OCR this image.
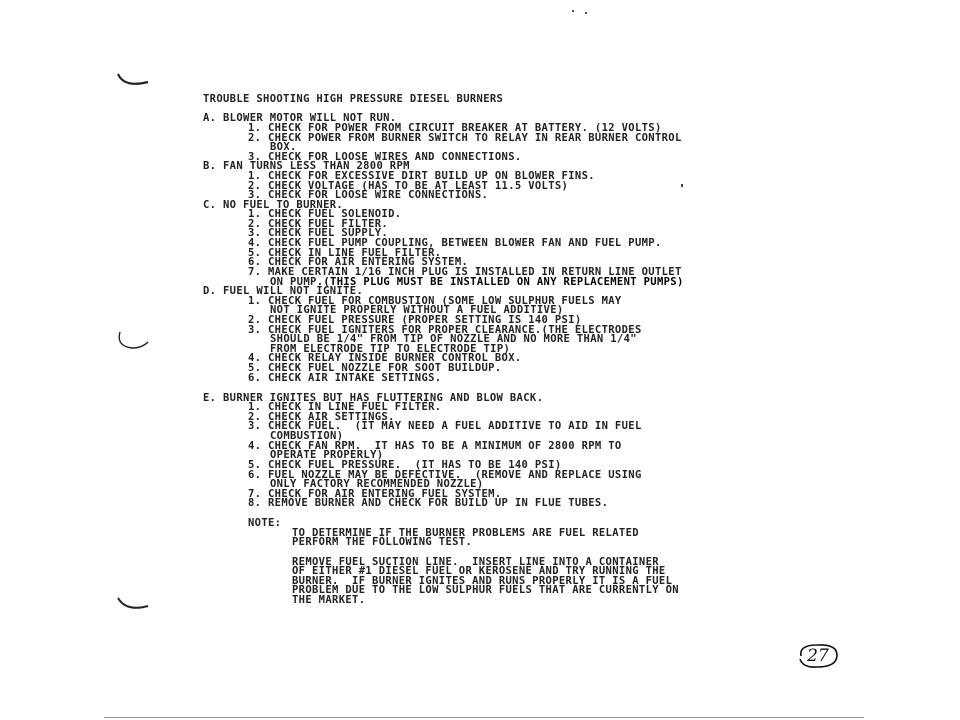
TROUBLE SHOOTING HIGH PRESSURE DIESEL BURNERS
A. BLOWER MOTOR WILL NOT RUN.
1. CHECK FOR POWER FROM CIRCUIT BREAKER AT BATTERY. (12 VOLTS)
2. CHECK POWER FROM BURNER SWITCH TO RELAY IN REAR BURNER CONTROL
BOX.
3. CHECK FOR LOOSE WIRES AND CONNECTIONS.
B. FAN TURNS LESS THAN 2800 RPM
1. CHECK FOR EXCESSIVE DIRT BUILD UP ON BLOWER FINS.
2. CHECK VOLTAGE (HAS TO BE AT LEAST 11.5 VOLTS)
3. CHECK FOR LOOSE WIRE CONNECTIONS.
C. NO FUEL TO BURNER.
1. CHECK FUEL SOLENOID.
2. CHECK FUEL FILTER.
3. CHECK FUEL SUPPLY.
4. CHECK FUEL PUMP COUPLING, BETWEEN BLOWER FAN AND FUEL PUMP.
5. CHECK IN LINE FUEL FILTER.
6. CHECK FOR AIR ENTERING SYSTEM.
7. MAKE CERTAIN 1/16 INCH PLUG IS INSTALLED IN RETURN LINE OUTLET
ON PUMP.(THIS PLUG MUST BE INSTALLED ON ANY REPLACEMENT PUMPS)
D. FUEL WILL NOT IGNITE.
1. CHECK FUEL FOR COMBUSTION (SOME LOW SULPHUR FUELS MAY
NOT IGNITE PROPERLY WITHOUT A FUEL ADDITIVE)
2. CHECK FUEL PRESSURE (PROPER SETTING IS 140 PSI)
3. CHECK FUEL IGNITERS FOR PROPER CLEARANCE.(THE ELECTRODES
SHOULD BE 1/4" FROM TIP OF NOZZLE AND NO MORE THAN 1/4"
FROM ELECTRODE TIP TO ELECTRODE TIP)
4. CHECK RELAY INSIDE BURNER CONTROL BOX.
5. CHECK FUEL NOZZLE FOR SOOT BUILDUP.
6. CHECK AIR INTAKE SETTINGS.
E. BURNER IGNITES BUT HAS FLUTTERING AND BLOW BACK.
1. CHECK IN LINE FUEL FILTER.
2. CHECK AIR SETTINGS.
3. CHECK FUEL.  (IT MAY NEED A FUEL ADDITIVE TO AID IN FUEL
COMBUSTION)
4. CHECK FAN RPM.  IT HAS TO BE A MINIMUM OF 2800 RPM TO
OPERATE PROPERLY)
5. CHECK FUEL PRESSURE.  (IT HAS TO BE 140 PSI)
6. FUEL NOZZLE MAY BE DEFECTIVE.  (REMOVE AND REPLACE USING
ONLY FACTORY RECOMMENDED NOZZLE)
7. CHECK FOR AIR ENTERING FUEL SYSTEM.
8. REMOVE BURNER AND CHECK FOR BUILD UP IN FLUE TUBES.
NOTE:
TO DETERMINE IF THE BURNER PROBLEMS ARE FUEL RELATED
PERFORM THE FOLLOWING TEST.
REMOVE FUEL SUCTION LINE.  INSERT LINE INTO A CONTAINER
OF EITHER #1 DIESEL FUEL OR KEROSENE AND TRY RUNNING THE
BURNER.  IF BURNER IGNITES AND RUNS PROPERLY IT IS A FUEL
PROBLEM DUE TO THE LOW SULPHUR FUELS THAT ARE CURRENTLY ON
THE MARKET.
27
